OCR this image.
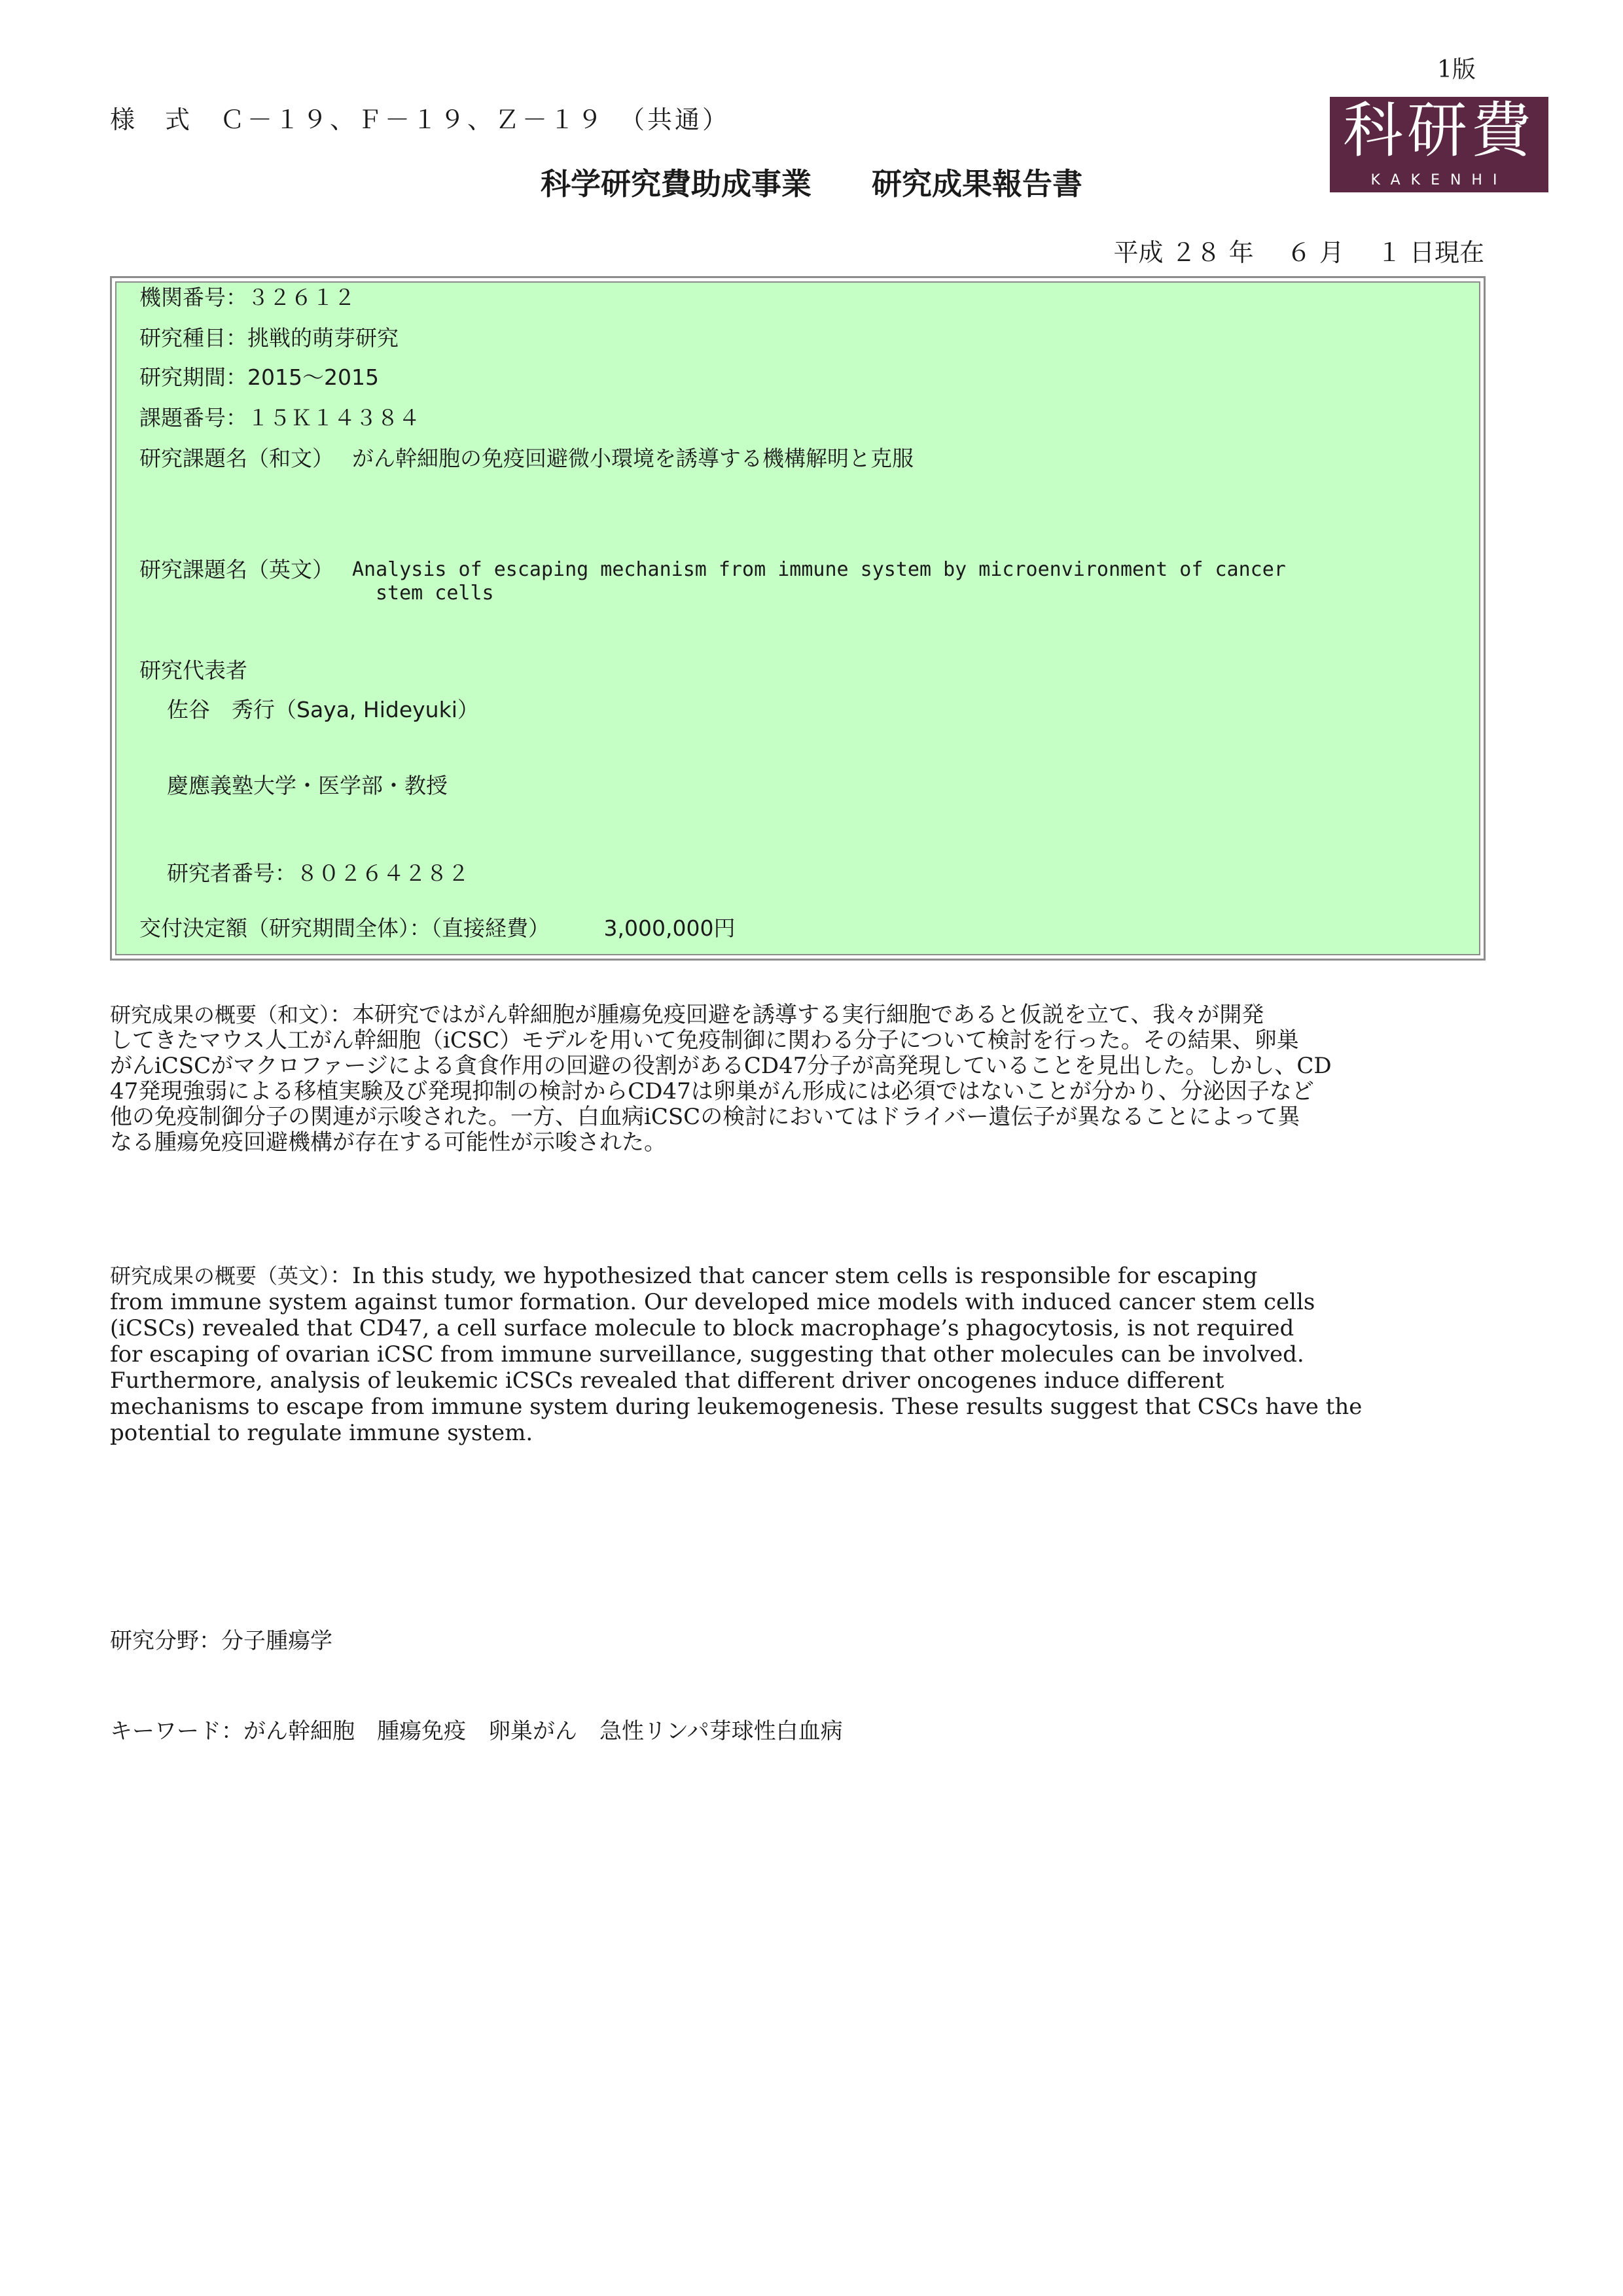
1版
様　式　Ｃ－１９、Ｆ－１９、Ｚ－１９　（共通）
科学研究費助成事業　　研究成果報告書
科研費
KAKENHI
平成 ２８ 年　 ６ 月　 １ 日現在
機関番号：３２６１２
研究種目：挑戦的萌芽研究
研究期間：2015～2015
課題番号：１５Ｋ１４３８４
研究課題名（和文） がん幹細胞の免疫回避微小環境を誘導する機構解明と克服
研究課題名（英文） Analysis of escaping mechanism from immune system by microenvironment of cancer
stem cells
研究代表者
佐谷　秀行（Saya, Hideyuki）
慶應義塾大学・医学部・教授
研究者番号：８０２６４２８２
交付決定額（研究期間全体）：（直接経費）　　　3,000,000円
研究成果の概要（和文）：本研究ではがん幹細胞が腫瘍免疫回避を誘導する実行細胞であると仮説を立て、我々が開発
してきたマウス人工がん幹細胞（iCSC）モデルを用いて免疫制御に関わる分子について検討を行った。その結果、卵巣
がんiCSCがマクロファージによる貪食作用の回避の役割があるCD47分子が高発現していることを見出した。しかし、CD
47発現強弱による移植実験及び発現抑制の検討からCD47は卵巣がん形成には必須ではないことが分かり、分泌因子など
他の免疫制御分子の関連が示唆された。一方、白血病iCSCの検討においてはドライバー遺伝子が異なることによって異
なる腫瘍免疫回避機構が存在する可能性が示唆された。
研究成果の概要（英文）：In this study, we hypothesized that cancer stem cells is responsible for escaping
from immune system against tumor formation. Our developed mice models with induced cancer stem cells
(iCSCs) revealed that CD47, a cell surface molecule to block macrophage’s phagocytosis, is not required
for escaping of ovarian iCSC from immune surveillance, suggesting that other molecules can be involved.
Furthermore, analysis of leukemic iCSCs revealed that different driver oncogenes induce different
mechanisms to escape from immune system during leukemogenesis. These results suggest that CSCs have the
potential to regulate immune system.
研究分野：分子腫瘍学
キーワード：がん幹細胞　腫瘍免疫　卵巣がん　急性リンパ芽球性白血病
